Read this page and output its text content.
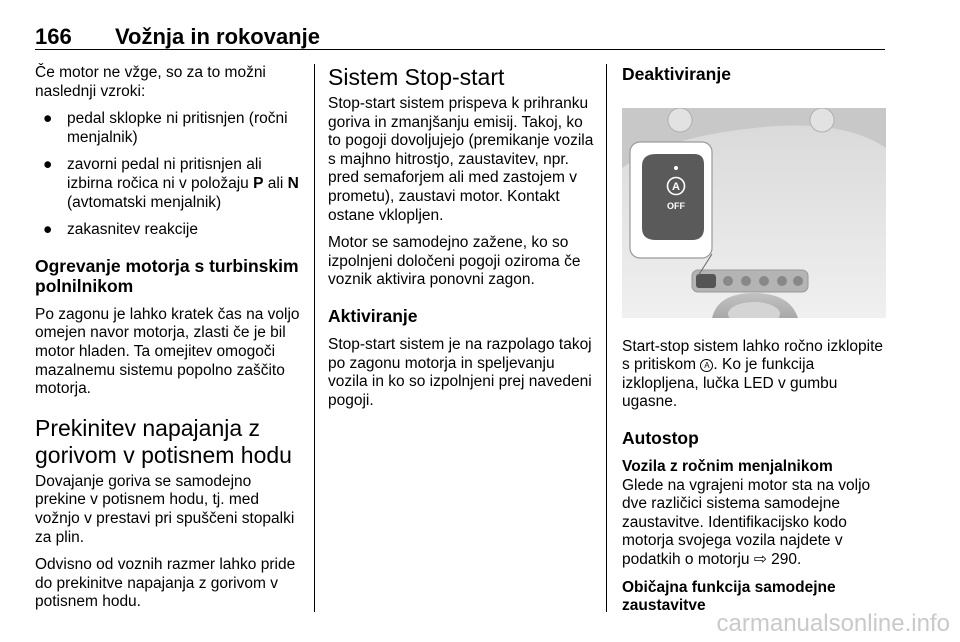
166 Vožnja in rokovanje

Če motor ne vžge, so za to možni naslednji vzroki:

● pedal sklopke ni pritisnjen (ročni menjalnik)
● zavorni pedal ni pritisnjen ali izbirna ročica ni v položaju P ali N (avtomatski menjalnik)
● zakasnitev reakcije
Ogrevanje motorja s turbinskim polnilnikom

Po zagonu je lahko kratek čas na voljo omejen navor motorja, zlasti če je bil motor hladen. Ta omejitev omogoči mazalnemu sistemu popolno zaščito motorja.

Prekinitev napajanja z gorivom v potisnem hodu

Dovajanje goriva se samodejno prekine v potisnem hodu, tj. med vožnjo v prestavi pri spuščeni stopalki za plin.

Odvisno od voznih razmer lahko pride do prekinitve napajanja z gorivom v potisnem hodu.

Sistem Stop-start

Stop-start sistem prispeva k prihranku goriva in zmanjšanju emisij. Takoj, ko to pogoji dovoljujejo (premikanje vozila s majhno hitrostjo, zaustavitev, npr. pred semaforjem ali med zastojem v prometu), zaustavi motor. Kontakt ostane vklopljen.

Motor se samodejno zažene, ko so izpolnjeni določeni pogoji oziroma če voznik aktivira ponovni zagon.

Aktiviranje

Stop-start sistem je na razpolago takoj po zagonu motorja in speljevanju vozila in ko so izpolnjeni prej navedeni pogoji.

Deaktiviranje
A
OFF

Start-stop sistem lahko ročno izklopite s pritiskom A . Ko je funkcija izklopljena, lučka LED v gumbu ugasne.

Autostop
Vozila z ročnim menjalnikom

Glede na vgrajeni motor sta na voljo dve različici sistema samodejne zaustavitve. Identifikacijsko kodo motorja svojega vozila najdete v podatkih o motorju ⇨ 290.

Običajna funkcija samodejne zaustavitve
carmanualsonline.info
